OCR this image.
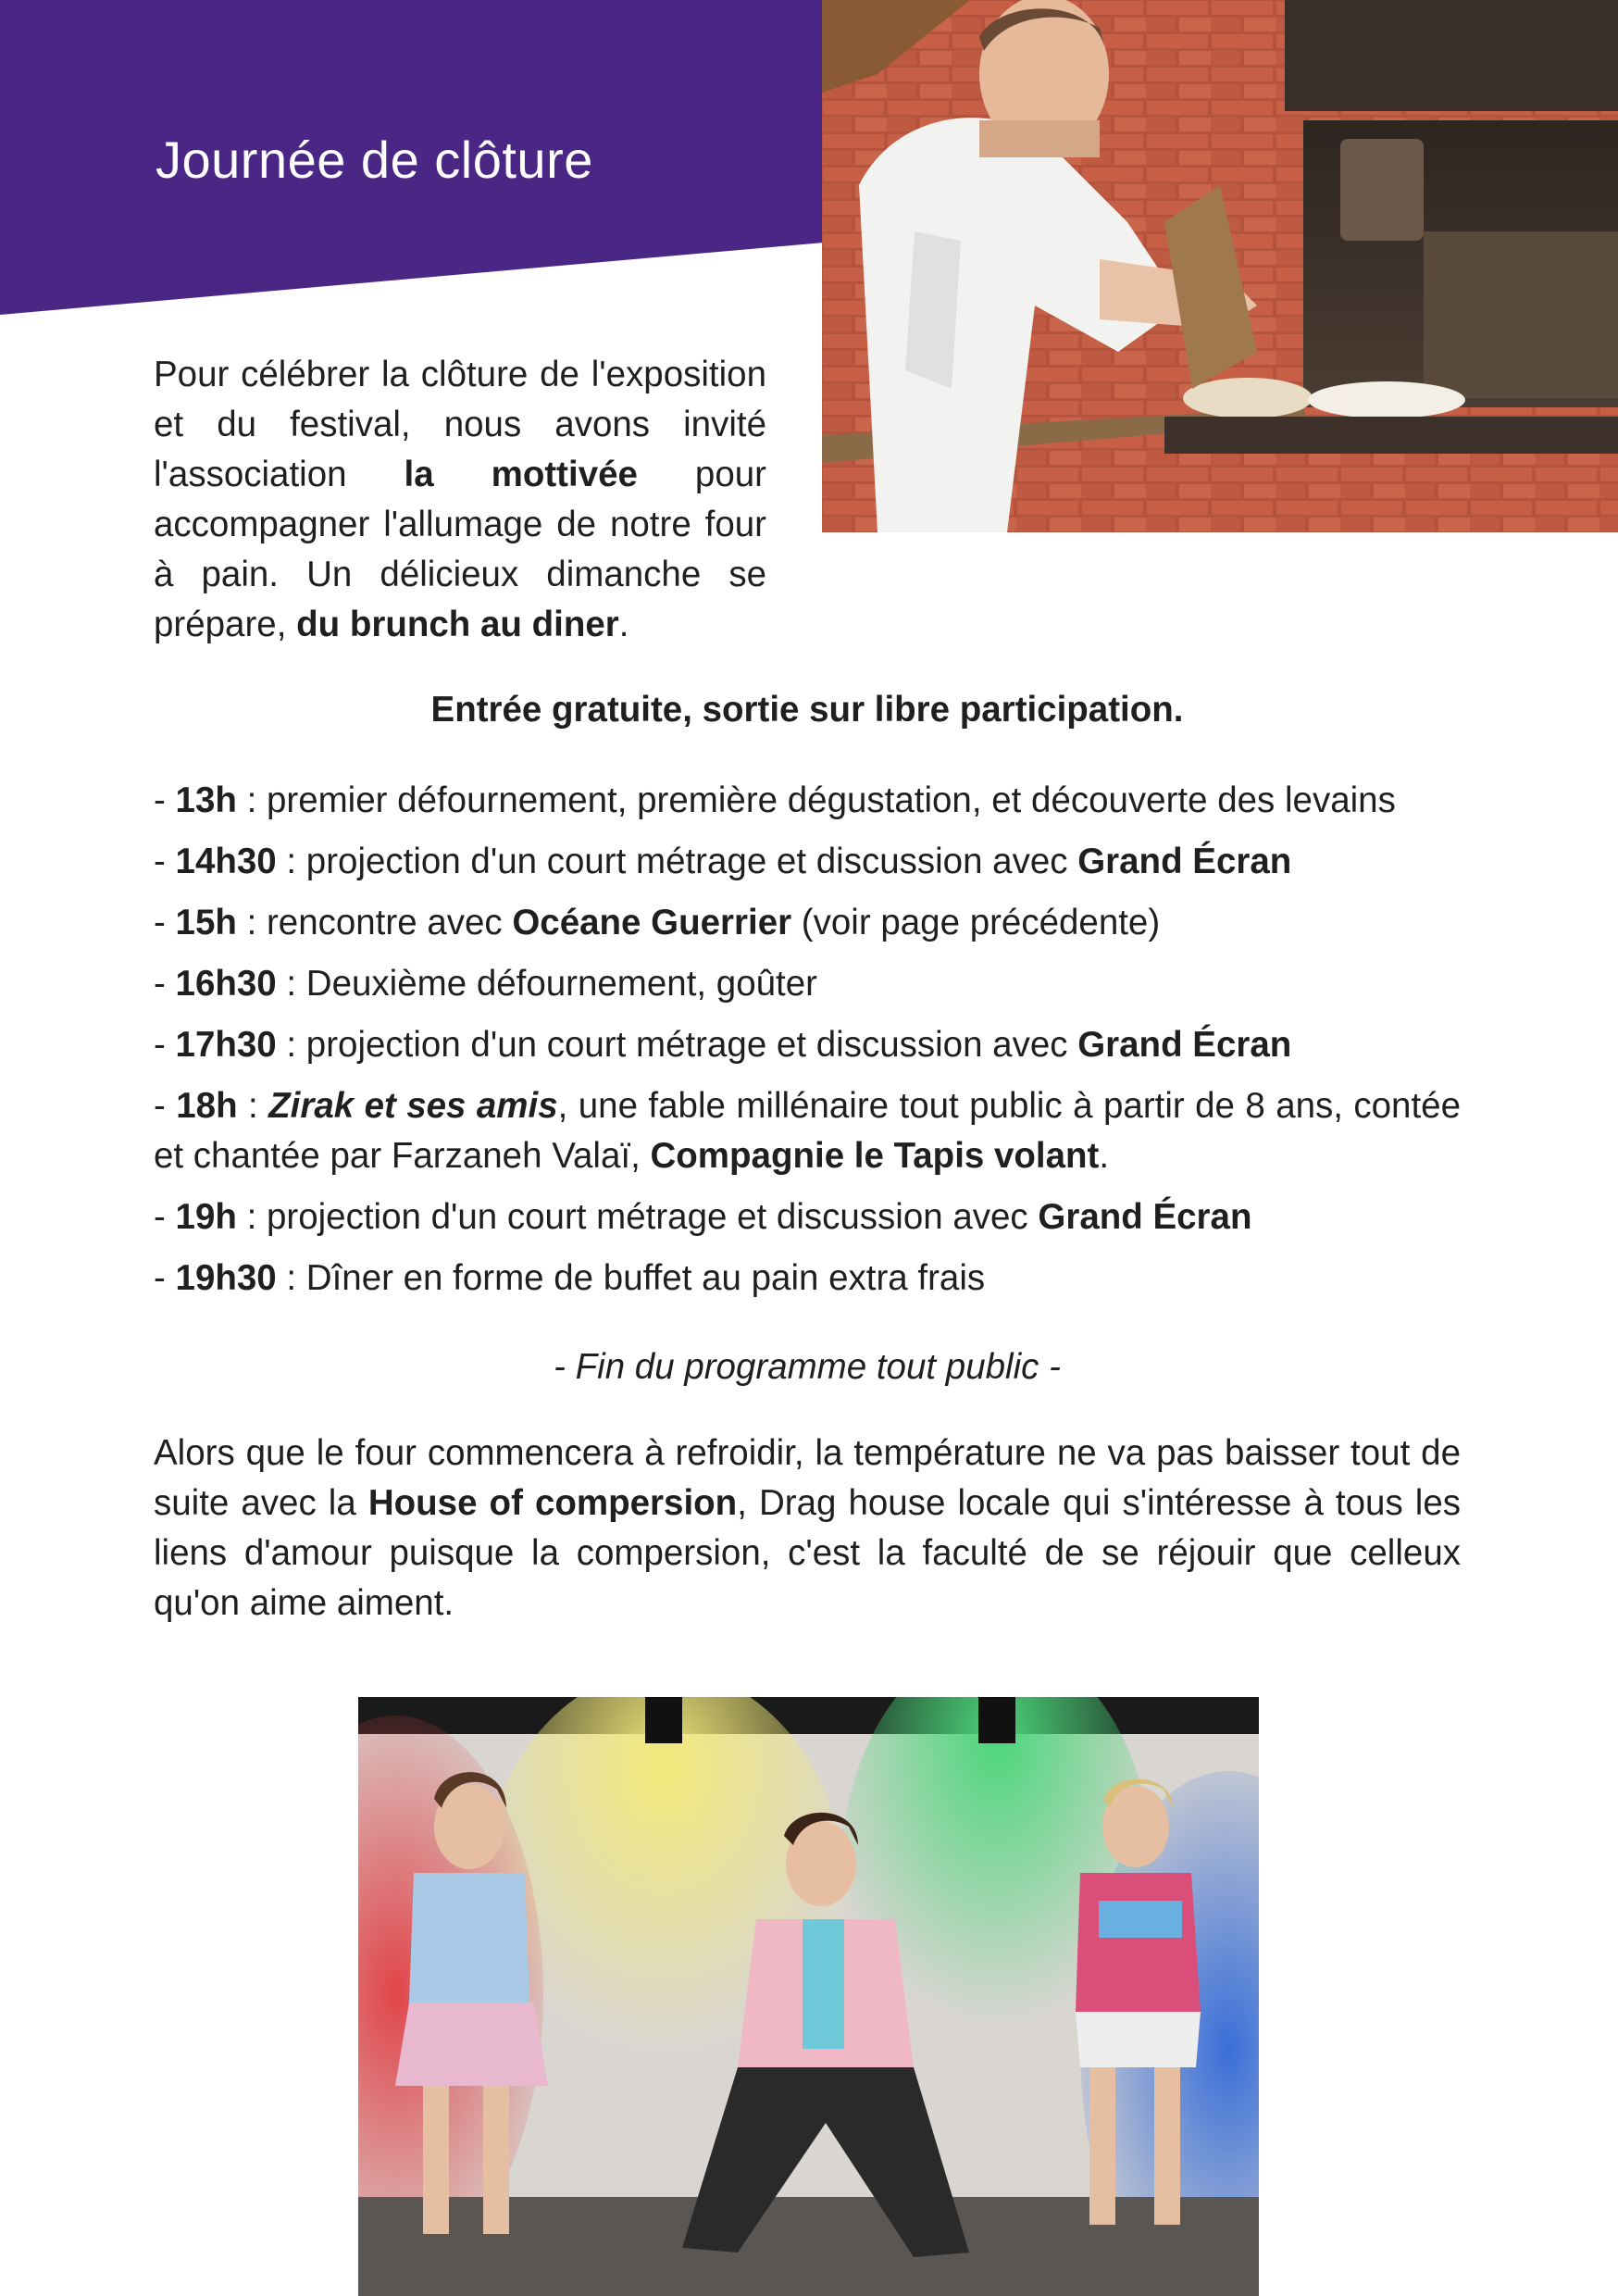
Journée de clôture

Pour célébrer la clôture de l'exposition et du festival, nous avons invité l'association la mottivée pour accompagner l'allumage de notre four à pain. Un délicieux dimanche se prépare, du brunch au diner.

Entrée gratuite, sortie sur libre participation.

- 13h : premier défournement, première dégustation, et découverte des levains
- 14h30 : projection d'un court métrage et discussion avec Grand Écran
- 15h : rencontre avec Océane Guerrier (voir page précédente)
- 16h30 : Deuxième défournement, goûter
- 17h30 : projection d'un court métrage et discussion avec Grand Écran
- 18h : Zirak et ses amis, une fable millénaire tout public à partir de 8 ans, contée et chantée par Farzaneh Valaï, Compagnie le Tapis volant.
- 19h : projection d'un court métrage et discussion avec Grand Écran
- 19h30 : Dîner en forme de buffet au pain extra frais

- Fin du programme tout public -

Alors que le four commencera à refroidir, la température ne va pas baisser tout de suite avec la House of compersion, Drag house locale qui s'intéresse à tous les liens d'amour puisque la compersion, c'est la faculté de se réjouir que celleux qu'on aime aiment.
